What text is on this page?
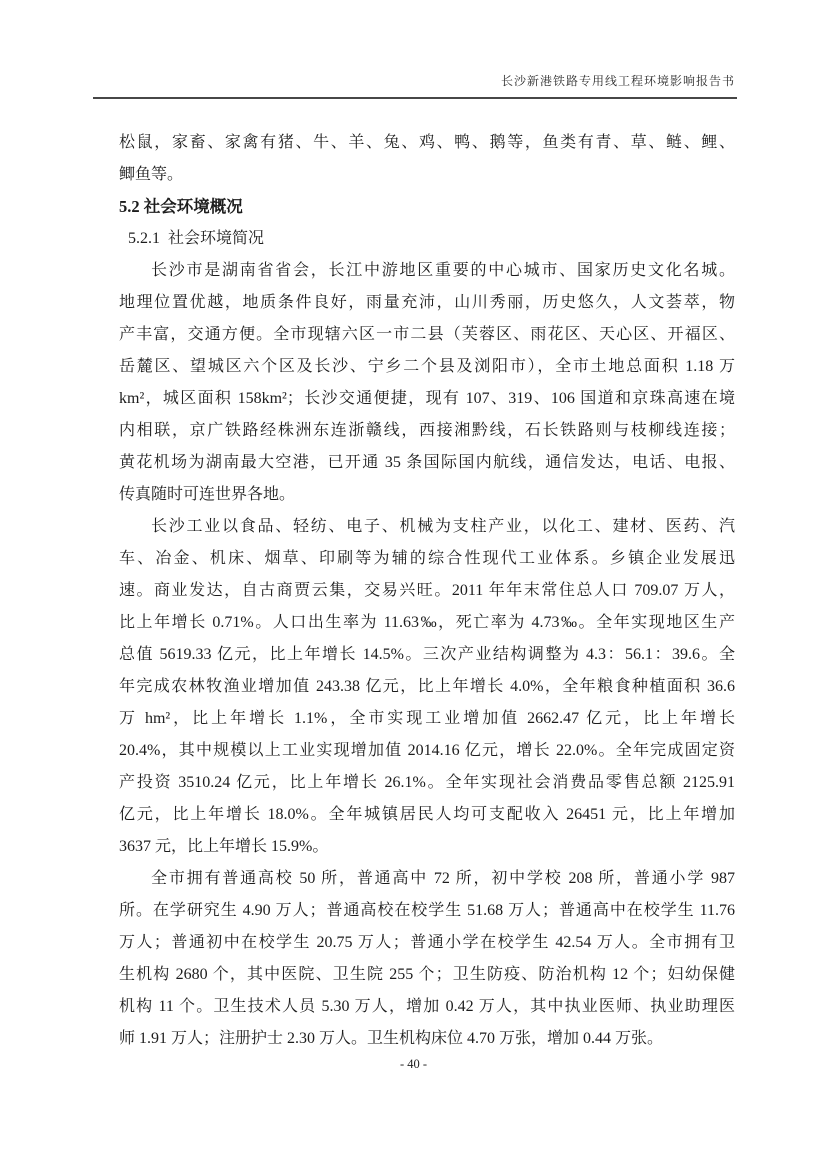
长沙新港铁路专用线工程环境影响报告书
松鼠，家畜、家禽有猪、牛、羊、兔、鸡、鸭、鹅等，鱼类有青、草、鲢、鲤、
鲫鱼等。
5.2 社会环境概况
5.2.1  社会环境简况
长沙市是湖南省省会，长江中游地区重要的中心城市、国家历史文化名城。
地理位置优越，地质条件良好，雨量充沛，山川秀丽，历史悠久，人文荟萃，物
产丰富，交通方便。全市现辖六区一市二县（芙蓉区、雨花区、天心区、开福区、
岳麓区、望城区六个区及长沙、宁乡二个县及浏阳市），全市土地总面积 1.18 万
km²，城区面积 158km²；长沙交通便捷，现有 107、319、106 国道和京珠高速在境
内相联，京广铁路经株洲东连浙赣线，西接湘黔线，石长铁路则与枝柳线连接；
黄花机场为湖南最大空港，已开通 35 条国际国内航线，通信发达，电话、电报、
传真随时可连世界各地。
长沙工业以食品、轻纺、电子、机械为支柱产业，以化工、建材、医药、汽
车、冶金、机床、烟草、印刷等为辅的综合性现代工业体系。乡镇企业发展迅
速。商业发达，自古商贾云集，交易兴旺。2011 年年末常住总人口 709.07 万人，
比上年增长 0.71%。人口出生率为 11.63‰，死亡率为 4.73‰。全年实现地区生产
总值 5619.33 亿元，比上年增长 14.5%。三次产业结构调整为 4.3：56.1：39.6。全
年完成农林牧渔业增加值 243.38 亿元，比上年增长 4.0%，全年粮食种植面积 36.6
万 hm²，比上年增长 1.1%，全市实现工业增加值 2662.47 亿元，比上年增长
20.4%，其中规模以上工业实现增加值 2014.16 亿元，增长 22.0%。全年完成固定资
产投资 3510.24 亿元，比上年增长 26.1%。全年实现社会消费品零售总额 2125.91
亿元，比上年增长 18.0%。全年城镇居民人均可支配收入 26451 元，比上年增加
3637 元，比上年增长 15.9%。
全市拥有普通高校 50 所，普通高中 72 所，初中学校 208 所，普通小学 987
所。在学研究生 4.90 万人；普通高校在校学生 51.68 万人；普通高中在校学生 11.76
万人；普通初中在校学生 20.75 万人；普通小学在校学生 42.54 万人。全市拥有卫
生机构 2680 个，其中医院、卫生院 255 个；卫生防疫、防治机构 12 个；妇幼保健
机构 11 个。卫生技术人员 5.30 万人，增加 0.42 万人，其中执业医师、执业助理医
师 1.91 万人；注册护士 2.30 万人。卫生机构床位 4.70 万张，增加 0.44 万张。
- 40 -
